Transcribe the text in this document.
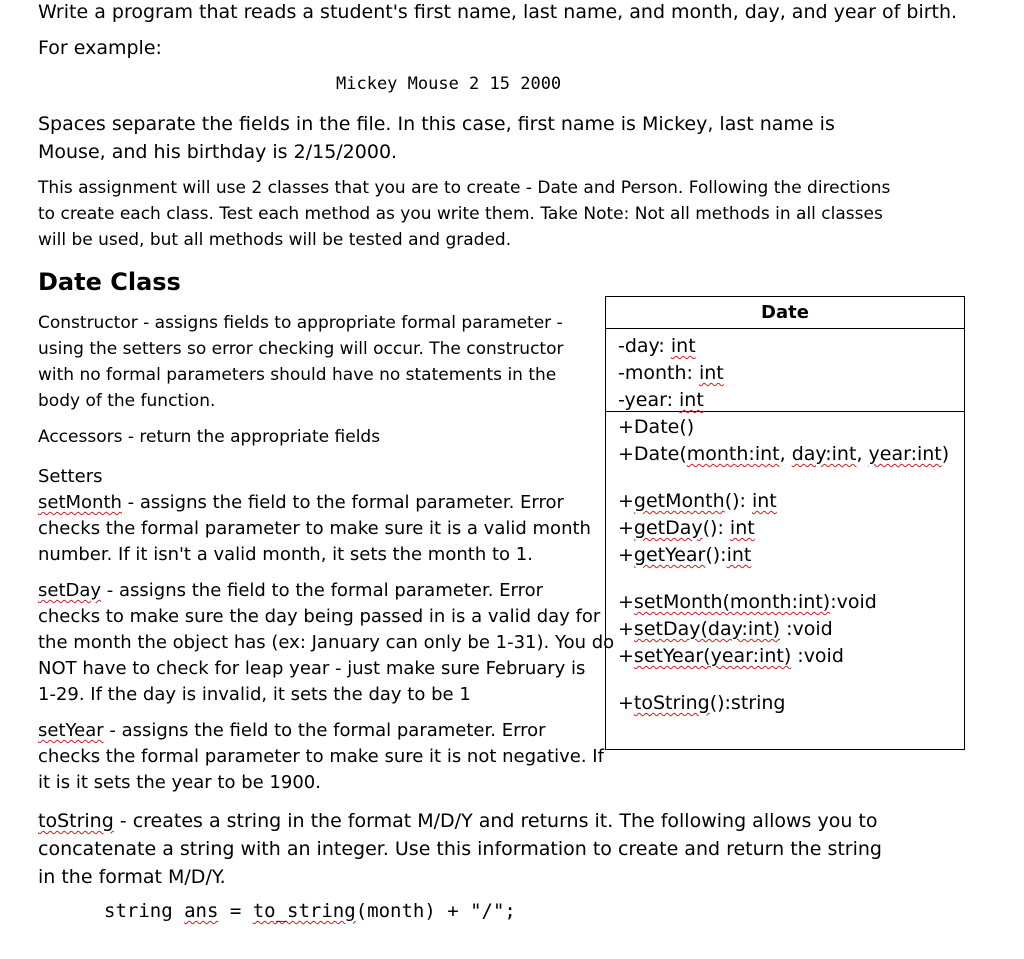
Write a program that reads a student's first name, last name, and month, day, and year of birth.
For example:
Mickey Mouse 2 15 2000
Spaces separate the fields in the file. In this case, first name is Mickey, last name is
Mouse, and his birthday is 2/15/2000.
This assignment will use 2 classes that you are to create - Date and Person. Following the directions
to create each class. Test each method as you write them. Take Note: Not all methods in all classes
will be used, but all methods will be tested and graded.
Date Class
Constructor - assigns fields to appropriate formal parameter -
using the setters so error checking will occur. The constructor
with no formal parameters should have no statements in the
body of the function.
Accessors - return the appropriate fields
Setters
setMonth - assigns the field to the formal parameter. Error
checks the formal parameter to make sure it is a valid month
number. If it isn't a valid month, it sets the month to 1.
setDay - assigns the field to the formal parameter. Error
checks to make sure the day being passed in is a valid day for
the month the object has (ex: January can only be 1-31). You do
NOT have to check for leap year - just make sure February is
1-29. If the day is invalid, it sets the day to be 1
setYear - assigns the field to the formal parameter. Error
checks the formal parameter to make sure it is not negative. If
it is it sets the year to be 1900.
toString - creates a string in the format M/D/Y and returns it. The following allows you to
concatenate a string with an integer. Use this information to create and return the string
in the format M/D/Y.
string ans = to_string(month) + "/";
Date
-day: int
-month: int
-year: int
+Date()
+Date(month:int, day:int, year:int)
+getMonth(): int
+getDay(): int
+getYear():int
+setMonth(month:int):void
+setDay(day:int) :void
+setYear(year:int) :void
+toString():string
